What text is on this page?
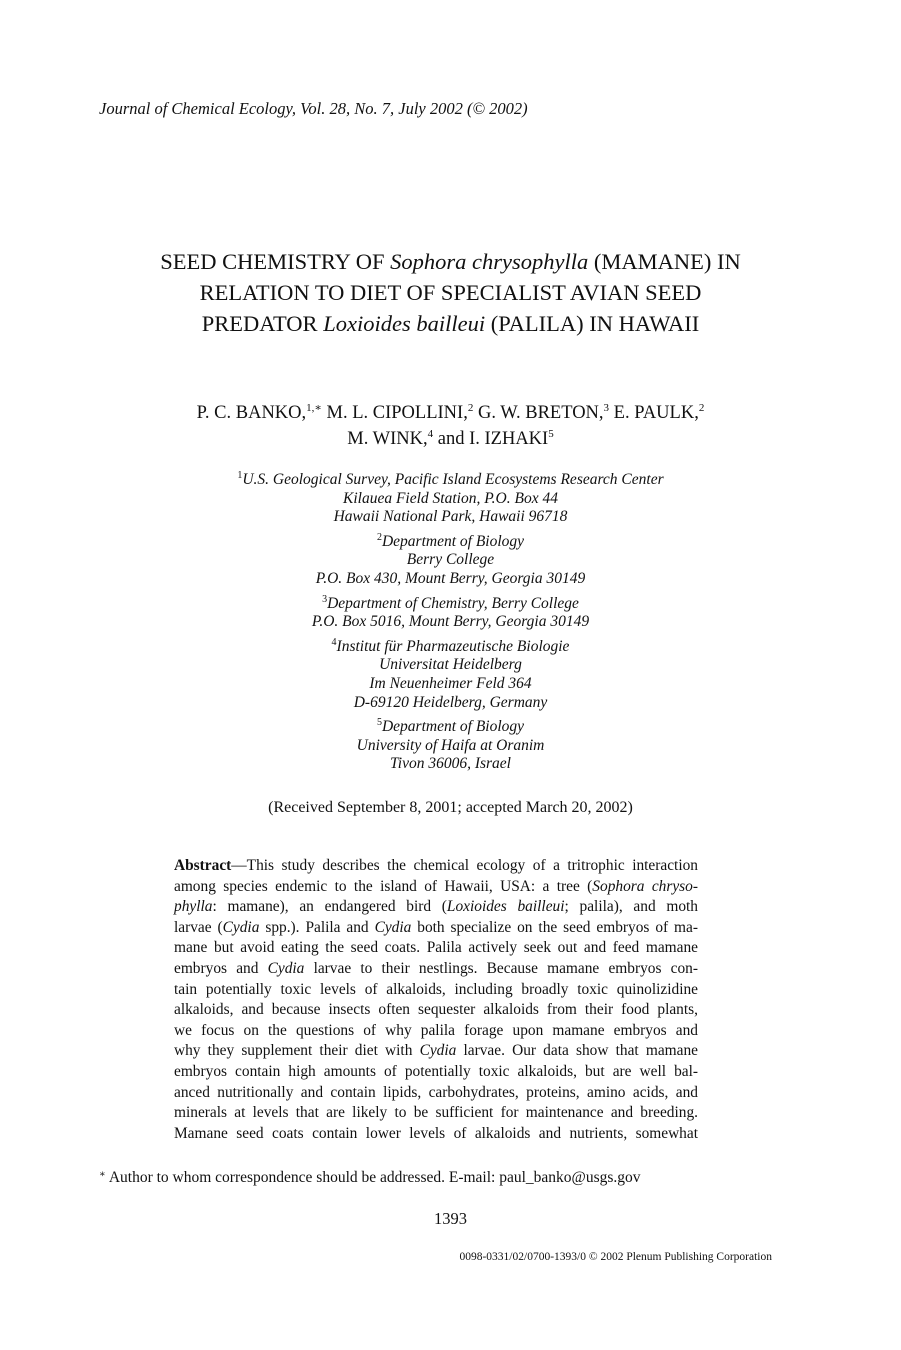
Journal of Chemical Ecology, Vol. 28, No. 7, July 2002 (© 2002)
SEED CHEMISTRY OF Sophora chrysophylla (MAMANE) IN
RELATION TO DIET OF SPECIALIST AVIAN SEED
PREDATOR Loxioides bailleui (PALILA) IN HAWAII
P. C. BANKO,$^{1,∗}$ M. L. CIPOLLINI,$^2$ G. W. BRETON,$^3$ E. PAULK,$^2$
M. WINK,$^4$ and I. IZHAKI$^5$
$^1$U.S. Geological Survey, Pacific Island Ecosystems Research Center
Kilauea Field Station, P.O. Box 44
Hawaii National Park, Hawaii 96718
$^2$Department of Biology
Berry College
P.O. Box 430, Mount Berry, Georgia 30149
$^3$Department of Chemistry, Berry College
P.O. Box 5016, Mount Berry, Georgia 30149
$^4$Institut für Pharmazeutische Biologie
Universitat Heidelberg
Im Neuenheimer Feld 364
D-69120 Heidelberg, Germany
$^5$Department of Biology
University of Haifa at Oranim
Tivon 36006, Israel
(Received September 8, 2001; accepted March 20, 2002)
Abstract—This study describes the chemical ecology of a tritrophic interaction
among species endemic to the island of Hawaii, USA: a tree (Sophora chryso-
phylla: mamane), an endangered bird (Loxioides bailleui; palila), and moth
larvae (Cydia spp.). Palila and Cydia both specialize on the seed embryos of ma-
mane but avoid eating the seed coats. Palila actively seek out and feed mamane
embryos and Cydia larvae to their nestlings. Because mamane embryos con-
tain potentially toxic levels of alkaloids, including broadly toxic quinolizidine
alkaloids, and because insects often sequester alkaloids from their food plants,
we focus on the questions of why palila forage upon mamane embryos and
why they supplement their diet with Cydia larvae. Our data show that mamane
embryos contain high amounts of potentially toxic alkaloids, but are well bal-
anced nutritionally and contain lipids, carbohydrates, proteins, amino acids, and
minerals at levels that are likely to be sufficient for maintenance and breeding.
Mamane seed coats contain lower levels of alkaloids and nutrients, somewhat
∗ Author to whom correspondence should be addressed. E-mail: paul_banko@usgs.gov
1393
0098-0331/02/0700-1393/0 © 2002 Plenum Publishing Corporation
